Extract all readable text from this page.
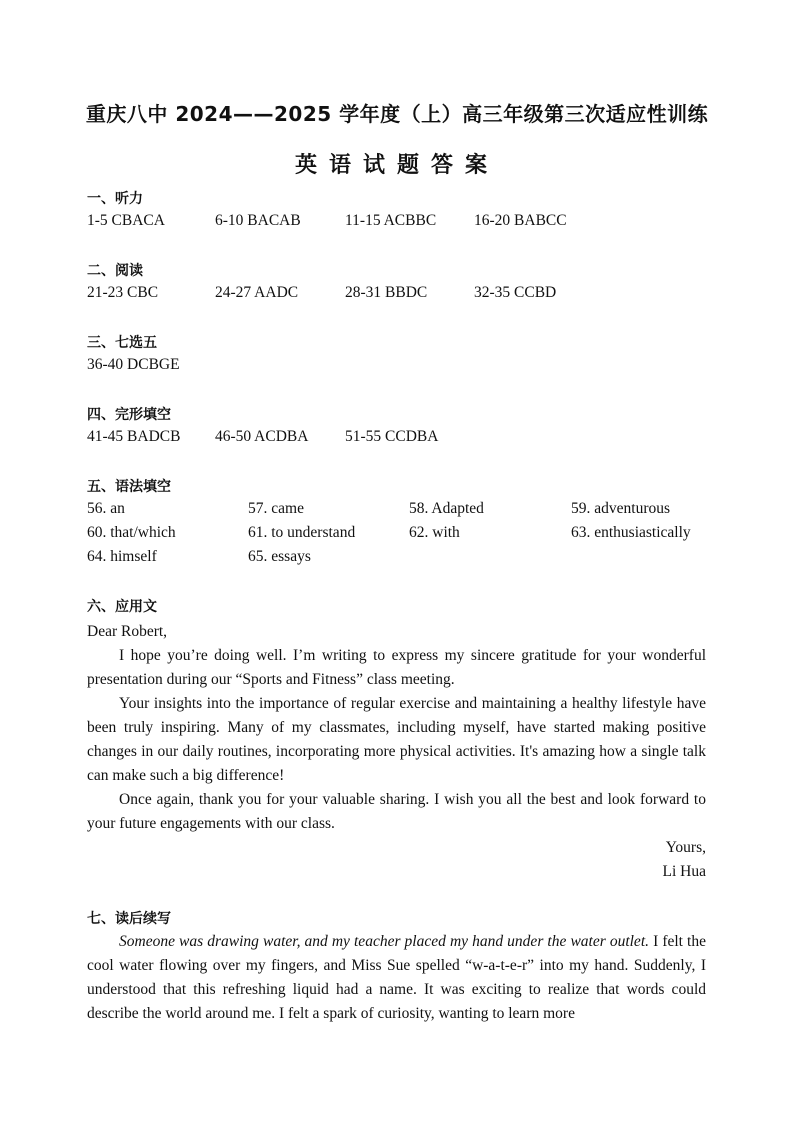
重庆八中 2024——2025 学年度（上）高三年级第三次适应性训练
英语试题答案
一、听力
1-5 CBACA	6-10 BACAB	11-15 ACBBC 16-20 BABCC
二、阅读
21-23 CBC	24-27 AADC	28-31 BBDC	32-35 CCBD
三、七选五
36-40 DCBGE
四、完形填空
41-45 BADCB 46-50 ACDBA 51-55 CCDBA
五、语法填空
56. an	57. came	58. Adapted	59. adventurous
60. that/which	61. to understand	62. with	63. enthusiastically
64. himself	65. essays
六、应用文

Dear Robert,

I hope you’re doing well. I’m writing to express my sincere gratitude for your wonderful presentation during our “Sports and Fitness” class meeting.

Your insights into the importance of regular exercise and maintaining a healthy lifestyle have been truly inspiring. Many of my classmates, including myself, have started making positive changes in our daily routines, incorporating more physical activities. It's amazing how a single talk can make such a big difference!

Once again, thank you for your valuable sharing. I wish you all the best and look forward to your future engagements with our class.

Yours,

Li Hua

七、读后续写

Someone was drawing water, and my teacher placed my hand under the water outlet. I felt the cool water flowing over my fingers, and Miss Sue spelled “w-a-t-e-r” into my hand. Suddenly, I understood that this refreshing liquid had a name. It was exciting to realize that words could describe the world around me. I felt a spark of curiosity, wanting to learn more
